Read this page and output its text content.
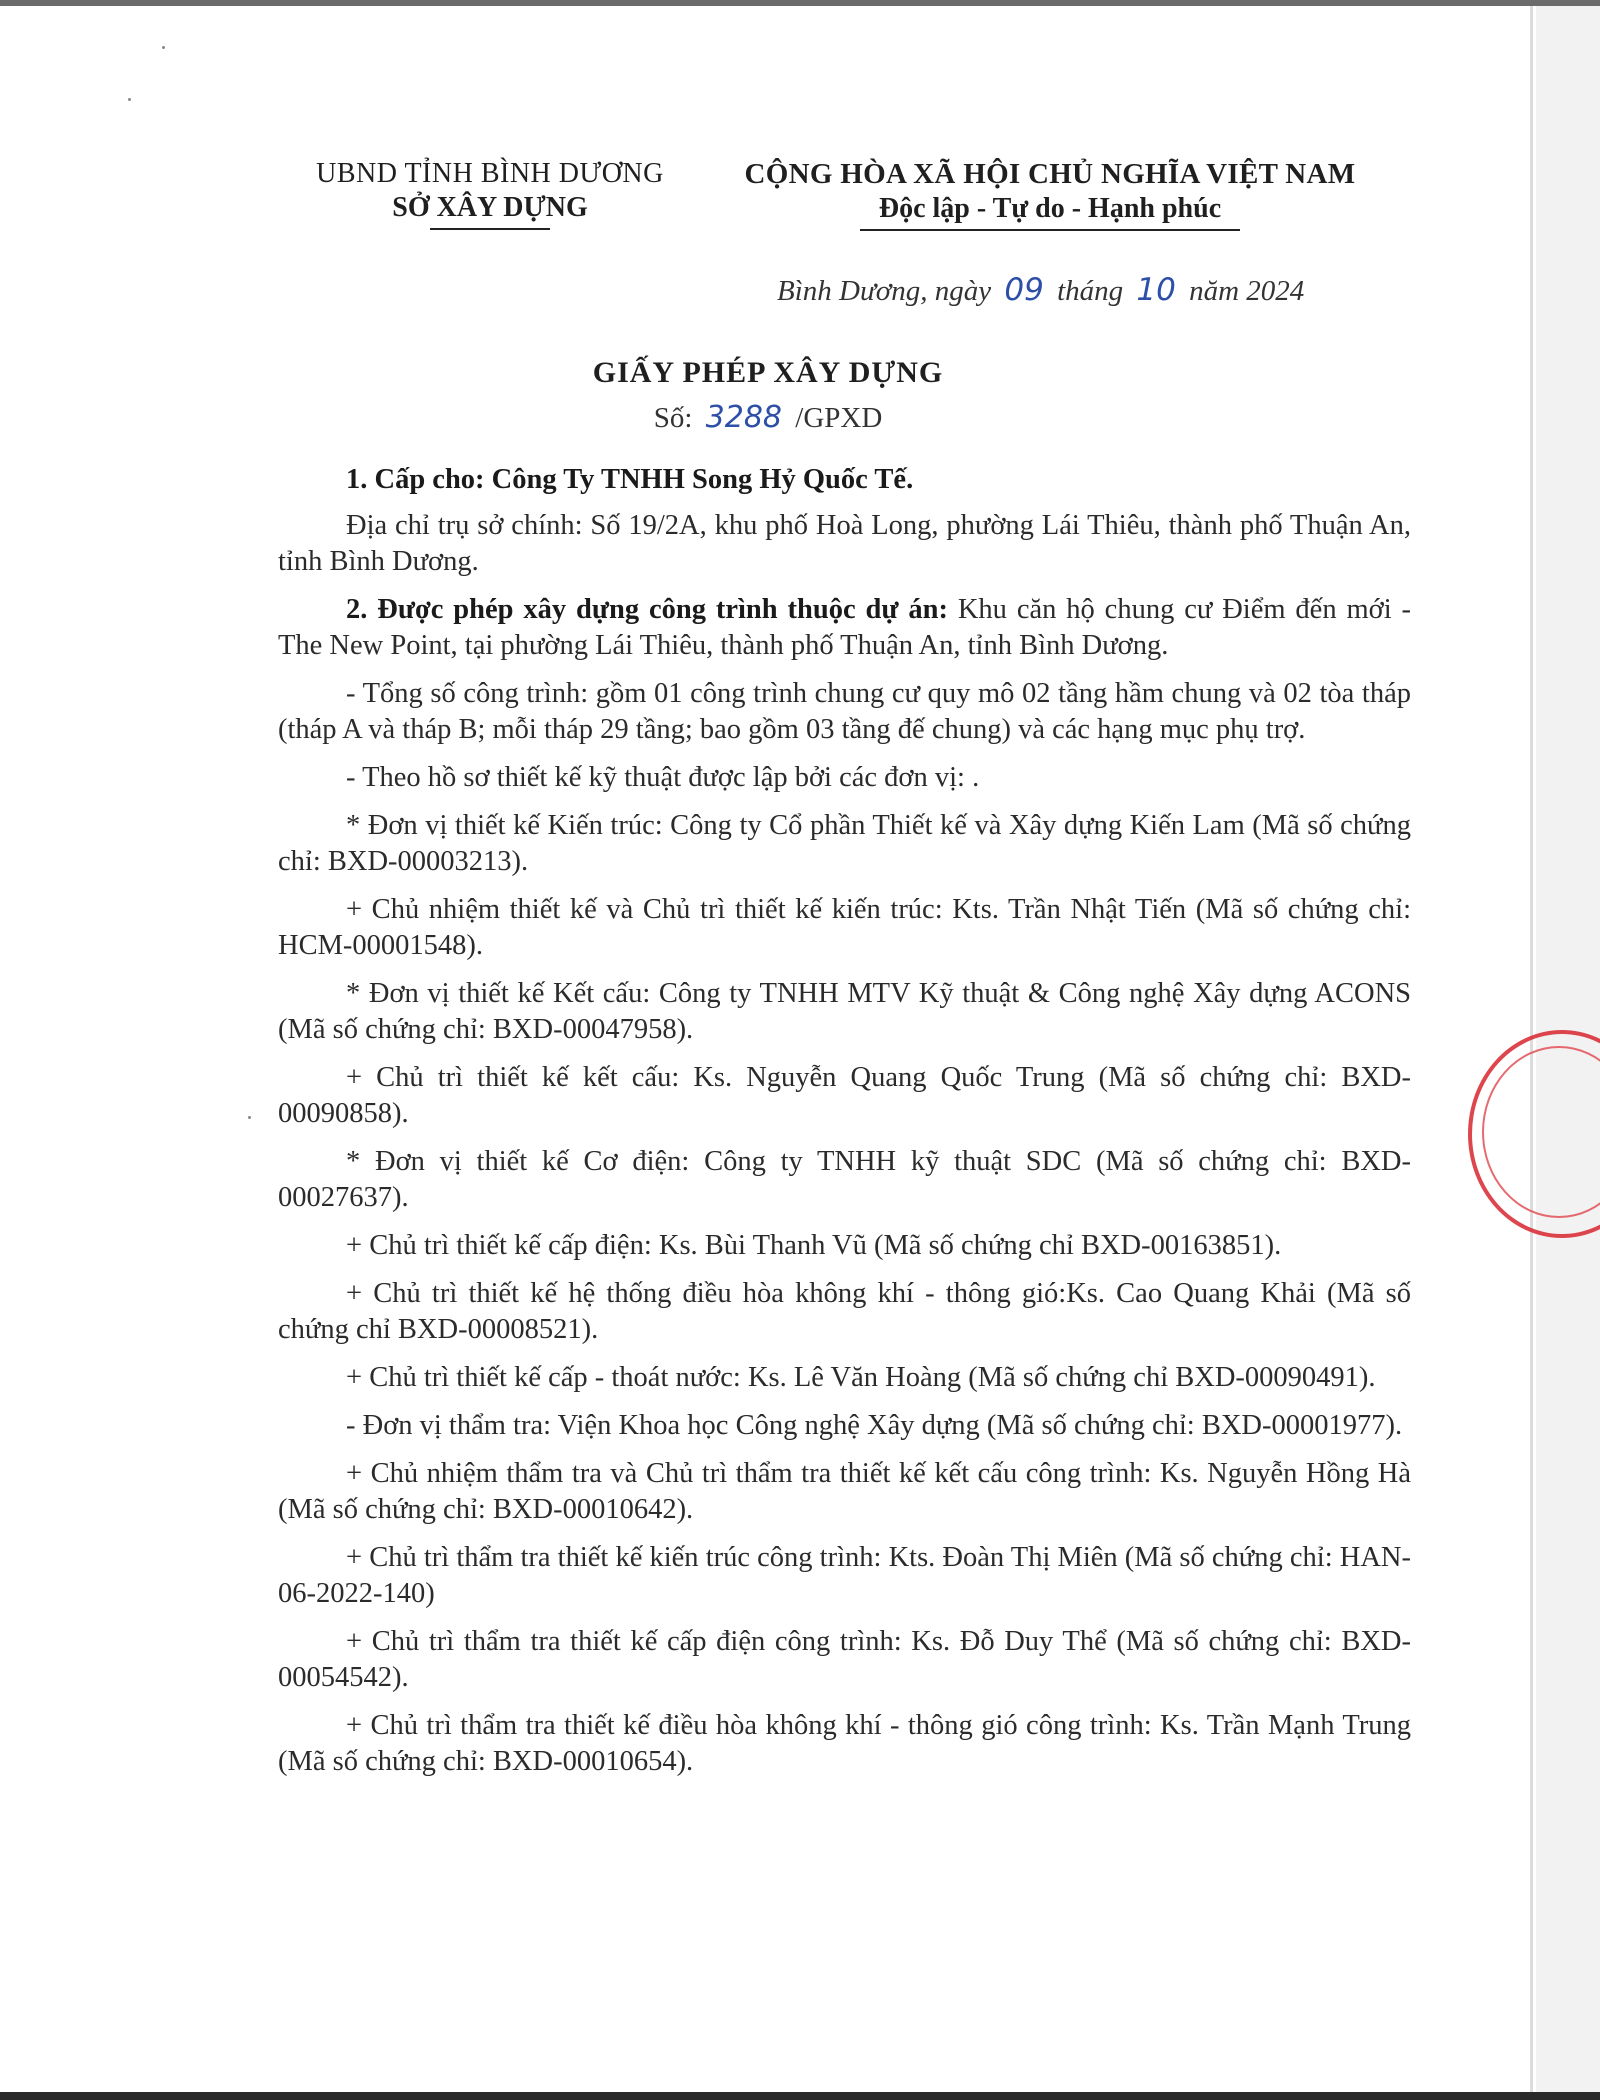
UBND TỈNH BÌNH DƯƠNG
SỞ XÂY DỰNG
CỘNG HÒA XÃ HỘI CHỦ NGHĨA VIỆT NAM
Độc lập - Tự do - Hạnh phúc
Bình Dương, ngày 09 tháng 10 năm 2024
GIẤY PHÉP XÂY DỰNG
Số: 3288 /GPXD

1. Cấp cho: Công Ty TNHH Song Hỷ Quốc Tế.

Địa chỉ trụ sở chính: Số 19/2A, khu phố Hoà Long, phường Lái Thiêu, thành phố Thuận An, tỉnh Bình Dương.

2. Được phép xây dựng công trình thuộc dự án: Khu căn hộ chung cư Điểm đến mới - The New Point, tại phường Lái Thiêu, thành phố Thuận An, tỉnh Bình Dương.

- Tổng số công trình: gồm 01 công trình chung cư quy mô 02 tầng hầm chung và 02 tòa tháp (tháp A và tháp B; mỗi tháp 29 tầng; bao gồm 03 tầng đế chung) và các hạng mục phụ trợ.

- Theo hồ sơ thiết kế kỹ thuật được lập bởi các đơn vị: .

* Đơn vị thiết kế Kiến trúc: Công ty Cổ phần Thiết kế và Xây dựng Kiến Lam (Mã số chứng chỉ: BXD-00003213).

+ Chủ nhiệm thiết kế và Chủ trì thiết kế kiến trúc: Kts. Trần Nhật Tiến (Mã số chứng chỉ: HCM-00001548).

* Đơn vị thiết kế Kết cấu: Công ty TNHH MTV Kỹ thuật & Công nghệ Xây dựng ACONS (Mã số chứng chỉ: BXD-00047958).

+ Chủ trì thiết kế kết cấu: Ks. Nguyễn Quang Quốc Trung (Mã số chứng chỉ: BXD-00090858).

* Đơn vị thiết kế Cơ điện: Công ty TNHH kỹ thuật SDC (Mã số chứng chỉ: BXD-00027637).

+ Chủ trì thiết kế cấp điện: Ks. Bùi Thanh Vũ (Mã số chứng chỉ BXD-00163851).

+ Chủ trì thiết kế hệ thống điều hòa không khí - thông gió:Ks. Cao Quang Khải (Mã số chứng chỉ BXD-00008521).

+ Chủ trì thiết kế cấp - thoát nước: Ks. Lê Văn Hoàng (Mã số chứng chỉ BXD-00090491).

- Đơn vị thẩm tra: Viện Khoa học Công nghệ Xây dựng (Mã số chứng chỉ: BXD-00001977).

+ Chủ nhiệm thẩm tra và Chủ trì thẩm tra thiết kế kết cấu công trình: Ks. Nguyễn Hồng Hà (Mã số chứng chỉ: BXD-00010642).

+ Chủ trì thẩm tra thiết kế kiến trúc công trình: Kts. Đoàn Thị Miên (Mã số chứng chỉ: HAN-06-2022-140)

+ Chủ trì thẩm tra thiết kế cấp điện công trình: Ks. Đỗ Duy Thể (Mã số chứng chỉ: BXD-00054542).

+ Chủ trì thẩm tra thiết kế điều hòa không khí - thông gió công trình: Ks. Trần Mạnh Trung (Mã số chứng chỉ: BXD-00010654).
